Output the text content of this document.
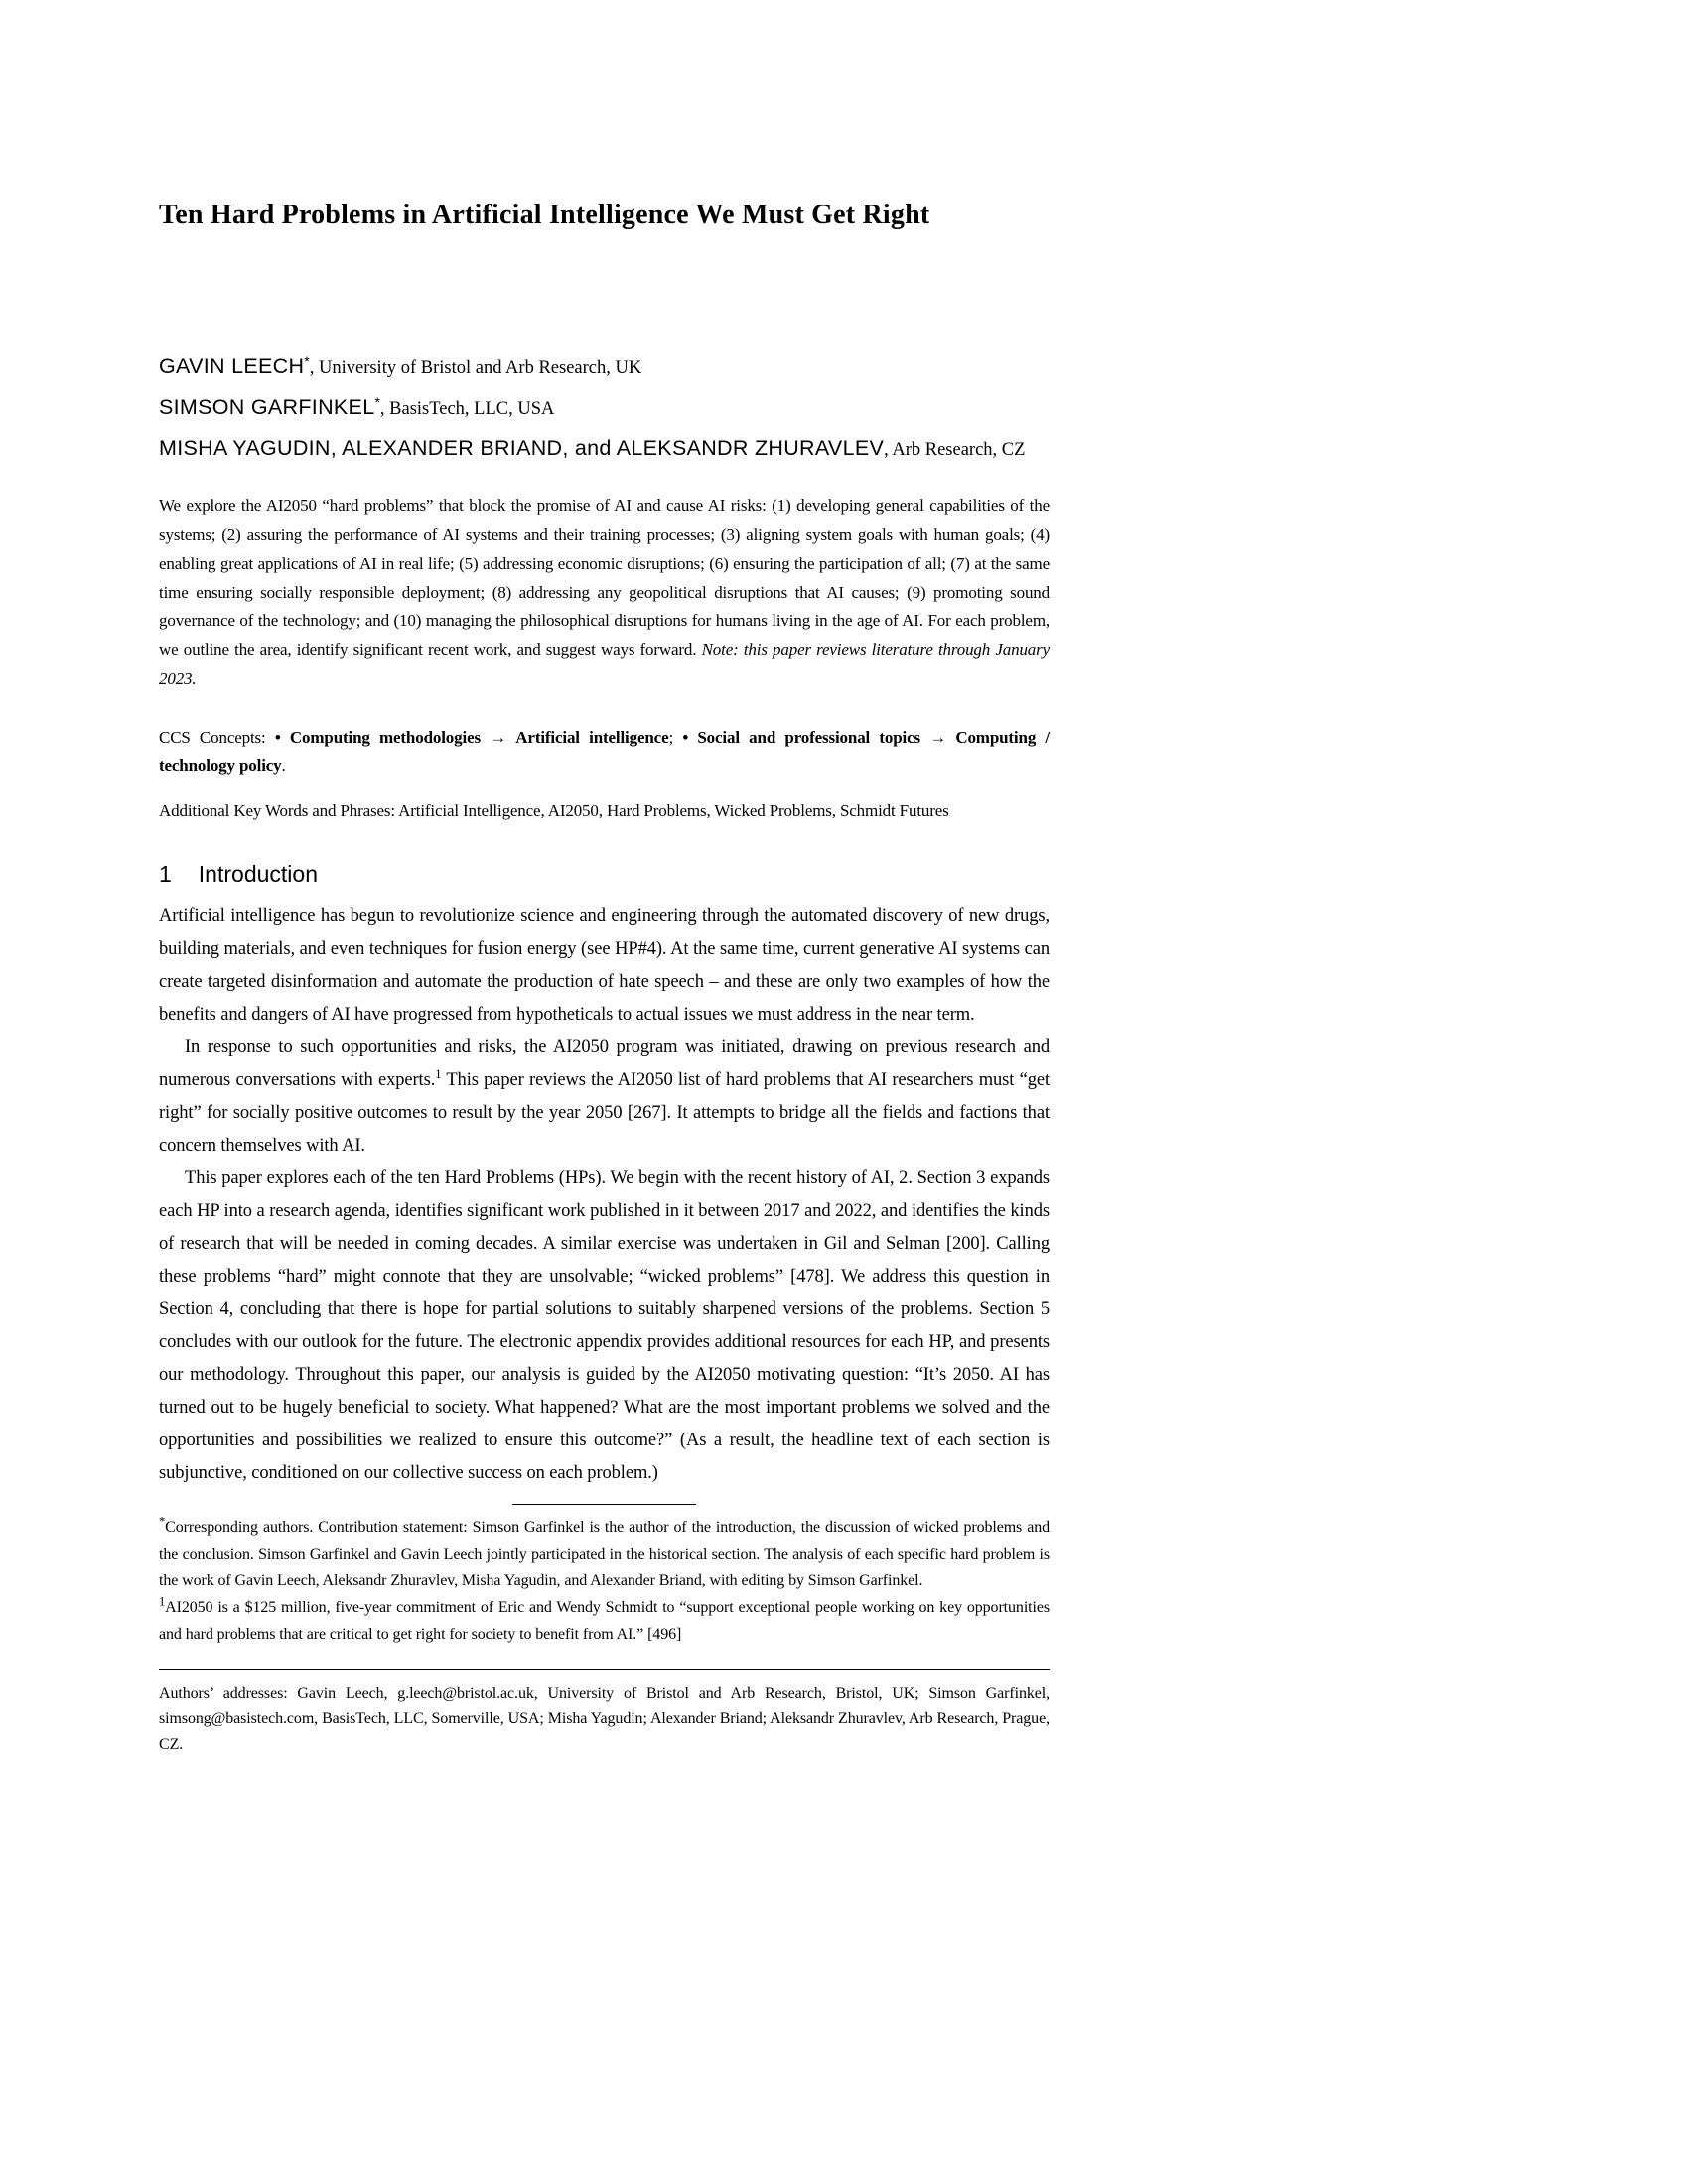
Ten Hard Problems in Artificial Intelligence We Must Get Right
GAVIN LEECH*, University of Bristol and Arb Research, UK
SIMSON GARFINKEL*, BasisTech, LLC, USA
MISHA YAGUDIN, ALEXANDER BRIAND, and ALEKSANDR ZHURAVLEV, Arb Research, CZ
We explore the AI2050 “hard problems” that block the promise of AI and cause AI risks: (1) developing general capabilities of the systems; (2) assuring the performance of AI systems and their training processes; (3) aligning system goals with human goals; (4) enabling great applications of AI in real life; (5) addressing economic disruptions; (6) ensuring the participation of all; (7) at the same time ensuring socially responsible deployment; (8) addressing any geopolitical disruptions that AI causes; (9) promoting sound governance of the technology; and (10) managing the philosophical disruptions for humans living in the age of AI. For each problem, we outline the area, identify significant recent work, and suggest ways forward. Note: this paper reviews literature through January 2023.
CCS Concepts: • Computing methodologies → Artificial intelligence; • Social and professional topics → Computing / technology policy.
Additional Key Words and Phrases: Artificial Intelligence, AI2050, Hard Problems, Wicked Problems, Schmidt Futures
1 Introduction

Artificial intelligence has begun to revolutionize science and engineering through the automated discovery of new drugs, building materials, and even techniques for fusion energy (see HP#4). At the same time, current generative AI systems can create targeted disinformation and automate the production of hate speech – and these are only two examples of how the benefits and dangers of AI have progressed from hypotheticals to actual issues we must address in the near term.

In response to such opportunities and risks, the AI2050 program was initiated, drawing on previous research and numerous conversations with experts.$^1$ This paper reviews the AI2050 list of hard problems that AI researchers must “get right” for socially positive outcomes to result by the year 2050 [267]. It attempts to bridge all the fields and factions that concern themselves with AI.

This paper explores each of the ten Hard Problems (HPs). We begin with the recent history of AI, 2. Section 3 expands each HP into a research agenda, identifies significant work published in it between 2017 and 2022, and identifies the kinds of research that will be needed in coming decades. A similar exercise was undertaken in Gil and Selman [200]. Calling these problems “hard” might connote that they are unsolvable; “wicked problems” [478]. We address this question in Section 4, concluding that there is hope for partial solutions to suitably sharpened versions of the problems. Section 5 concludes with our outlook for the future. The electronic appendix provides additional resources for each HP, and presents our methodology. Throughout this paper, our analysis is guided by the AI2050 motivating question: “It’s 2050. AI has turned out to be hugely beneficial to society. What happened? What are the most important problems we solved and the opportunities and possibilities we realized to ensure this outcome?” (As a result, the headline text of each section is subjunctive, conditioned on our collective success on each problem.)

*Corresponding authors. Contribution statement: Simson Garfinkel is the author of the introduction, the discussion of wicked problems and the conclusion. Simson Garfinkel and Gavin Leech jointly participated in the historical section. The analysis of each specific hard problem is the work of Gavin Leech, Aleksandr Zhuravlev, Misha Yagudin, and Alexander Briand, with editing by Simson Garfinkel.

$^1$AI2050 is a $125 million, five-year commitment of Eric and Wendy Schmidt to “support exceptional people working on key opportunities and hard problems that are critical to get right for society to benefit from AI.” [496]

Authors’ addresses: Gavin Leech, g.leech@bristol.ac.uk, University of Bristol and Arb Research, Bristol, UK; Simson Garfinkel, simsong@basistech.com, BasisTech, LLC, Somerville, USA; Misha Yagudin; Alexander Briand; Aleksandr Zhuravlev, Arb Research, Prague, CZ.
